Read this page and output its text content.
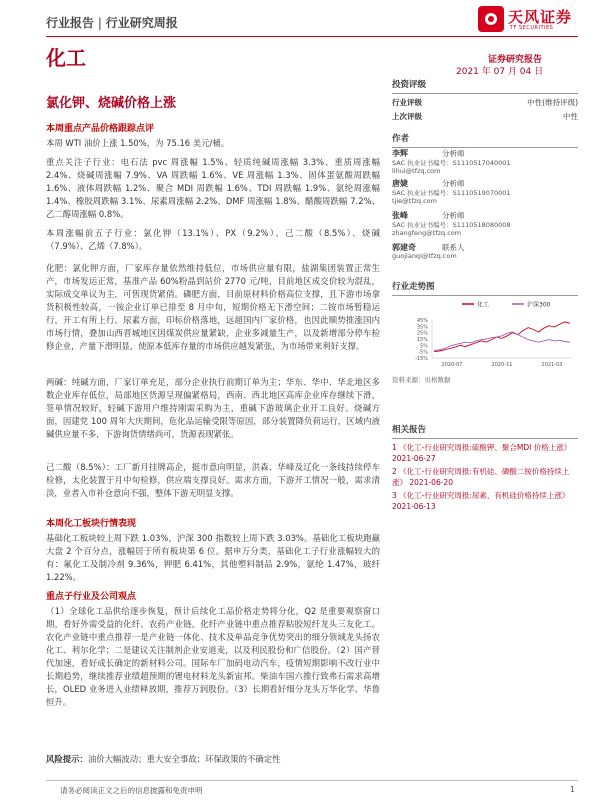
行业报告 | 行业研究周报	天风证券
TF SECURITIES
化工	证券研究报告
2021 年 07 月 04 日
氯化钾、烧碱价格上涨
本周重点产品价格跟踪点评
本周 WTI 油价上涨 1.50%，为 75.16 美元/桶。
重点关注子行业：电石法 pvc 周涨幅 1.5%、轻质纯碱周涨幅 3.3%、重质周涨幅 2.4%、烧碱周涨幅 7.9%、VA 周跌幅 1.6%、VE 周涨幅 1.3%、固体蛋氨酸周跌幅 1.6%、液体周跌幅 1.2%、聚合 MDI 周跌幅 1.6%、TDI 周跌幅 1.9%、氨纶周涨幅 1.4%、橡胶周跌幅 3.1%、尿素周涨幅 2.2%、DMF 周涨幅 1.8%、醋酸周跌幅 7.2%、乙二醇周涨幅 0.8%。
本周涨幅前五子行业：氯化钾（13.1%）、PX（9.2%）、己二酸（8.5%）、烧碱（7.9%）、乙烯（7.8%）。
化肥：氯化钾方面，厂家库存量依然维持低位，市场供应量有限，盐湖集团装置正常生产，市场发运正常，基准产品 60%粉晶到站价 2770 元/吨，目前地区成交价较为混乱，实际成交单议为主，可售现货紧俏。磷肥方面，目前原材料价格高位支撑，且下游市场拿货积极性较高，一铵企业订单已排至 8 月中旬，短期价格无下滑空间；二铵市场暂稳运行，开工有所上行。尿素方面，印标价格落地，远超国内厂家价格，也因此顺势推涨国内市场行情，叠加山西晋城地区因煤炭供应量紧缺，企业多减量生产，以及新增部分停车检修企业，产量下滑明显，使原本低库存量的市场供应越发紧张，为市场带来利好支撑。
两碱：纯碱方面，厂家订单充足，部分企业执行前期订单为主；华东、华中、华北地区多数企业库存低位，局部地区货源呈现偏紧格局，西南、西北地区高库企业库存继续下滑，签单情况较好，轻碱下游用户维持刚需采购为主，重碱下游玻璃企业开工良好。烧碱方面，因建党 100 周年大庆期间，危化品运输受限等原因，部分装置降负荷运行，区域内液碱供应量不多，下游询货情绪尚可，货源表现紧张。
己二酸（8.5%）：工厂新月挂牌高企，挺市意向明显，洪森、华峰及辽化一条线持续停车检修，太化装置于月中旬检修，供应端支撑良好。需求方面，下游开工情况一般，需求清淡，业者入市补仓意向不强，整体下游无明显支撑。
本周化工板块行情表现
基础化工板块较上周下跌 1.03%，沪深 300 指数较上周下跌 3.03%。基础化工板块跑赢大盘 2 个百分点，涨幅居于所有板块第 6 位。据申万分类，基础化工子行业涨幅较大的有：氟化工及制冷剂 9.36%，钾肥 6.41%，其他塑料制品 2.9%，氨纶 1.47%，玻纤 1.22%。
重点子行业及公司观点
（1）全球化工品供给逐步恢复，预计后续化工品价格走势将分化，Q2 是重要观察窗口期，看好外需受益的化纤、农药产业链。化纤产业链中重点推荐粘胶短纤龙头三友化工。农化产业链中重点推荐一是产业链一体化、技术及单品竞争优势突出的细分领域龙头扬农化工、利尔化学；二是建议关注制剂企业安道麦，以及利民股份和广信股份。（2）国产替代加速，看好成长确定的新材料公司。国际车厂加码电动汽车，疫情短期影响不改行业中长期趋势，继续推荐业绩超预期的锂电材料龙头新宙邦。柴油车国六推行致弗石需求高增长，OLED 业务进入业绩释放期，推荐万润股份。（3）长期看好细分龙头万华化学、华鲁恒升。
风险提示：油价大幅波动；重大安全事故；环保政策的不确定性
投资评级
行业评级	中性(维持评级)
上次评级	中性
作者
李辉	分析师
SAC 执业证书编号：S1110517040001
lihui@tfzq.com
唐婕	分析师
SAC 执业证书编号：S1110519070001
tjie@tfzq.com
张峰	分析师
SAC 执业证书编号：S1110518080008
zhangfeng@tfzq.com
郭建奇	联系人
guojianqi@tfzq.com
行业走势图
化工	沪深300
45%
35%
25%
15%
5%
-5%
-15%
2020-07	2020-11	2021-03
资料来源：贝格数据
相关报告
1 《化工-行业研究周报:硫酸钾、聚合MDI 价格上涨》 2021-06-27
2 《化工-行业研究周报:有机硅、磷酸二铵价格持续上涨》 2021-06-20
3 《化工-行业研究周报:尿素、有机硅价格持续上涨》 2021-06-13
请务必阅读正文之后的信息披露和免责申明	1
